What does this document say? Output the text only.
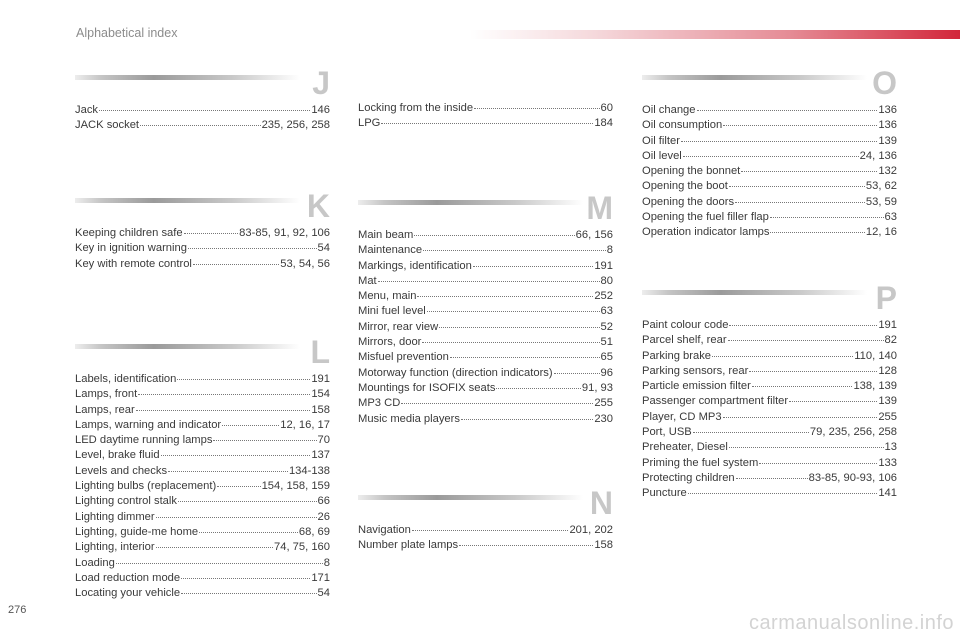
Alphabetical index
J
Jack	146
JACK socket	235, 256, 258
K
Keeping children safe	83-85, 91, 92, 106
Key in ignition warning	54
Key with remote control	53, 54, 56
L
Labels, identification	191
Lamps, front	154
Lamps, rear	158
Lamps, warning and indicator	12, 16, 17
LED daytime running lamps	70
Level, brake fluid	137
Levels and checks	134-138
Lighting bulbs (replacement)	154, 158, 159
Lighting control stalk	66
Lighting dimmer	26
Lighting, guide-me home	68, 69
Lighting, interior	74, 75, 160
Loading	8
Load reduction mode	171
Locating your vehicle	54
Locking from the inside	60
LPG	184
M
Main beam	66, 156
Maintenance	8
Markings, identification	191
Mat	80
Menu, main	252
Mini fuel level	63
Mirror, rear view	52
Mirrors, door	51
Misfuel prevention	65
Motorway function (direction indicators)	96
Mountings for ISOFIX seats	91, 93
MP3 CD	255
Music media players	230
N
Navigation	201, 202
Number plate lamps	158
O
Oil change	136
Oil consumption	136
Oil filter	139
Oil level	24, 136
Opening the bonnet	132
Opening the boot	53, 62
Opening the doors	53, 59
Opening the fuel filler flap	63
Operation indicator lamps	12, 16
P
Paint colour code	191
Parcel shelf, rear	82
Parking brake	110, 140
Parking sensors, rear	128
Particle emission filter	138, 139
Passenger compartment filter	139
Player, CD MP3	255
Port, USB	79, 235, 256, 258
Preheater, Diesel	13
Priming the fuel system	133
Protecting children	83-85, 90-93, 106
Puncture	141
276
carmanualsonline.info
